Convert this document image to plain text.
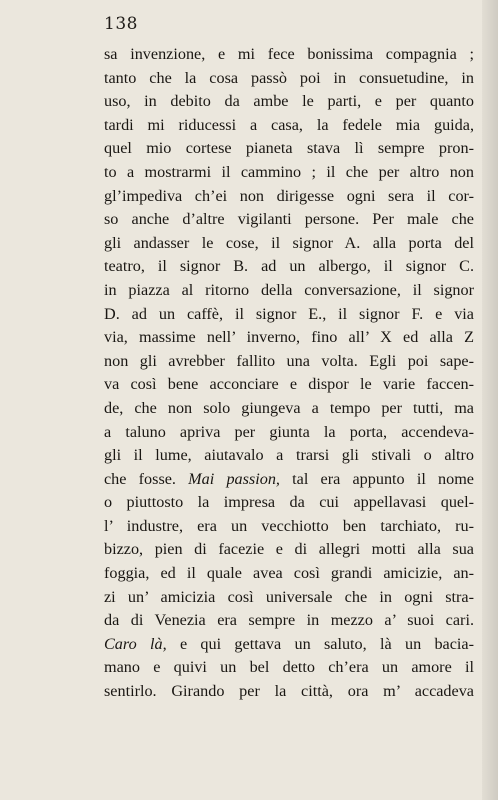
138
sa invenzione, e mi fece bonissima compagnia ;
tanto che la cosa passò poi in consuetudine, in
uso, in debito da ambe le parti, e per quanto
tardi mi riducessi a casa, la fedele mia guida,
quel mio cortese pianeta stava lì sempre pron-
to a mostrarmi il cammino ; il che per altro non
gl’impediva ch’ei non dirigesse ogni sera il cor-
so anche d’altre vigilanti persone. Per male che
gli andasser le cose, il signor A. alla porta del
teatro, il signor B. ad un albergo, il signor C.
in piazza al ritorno della conversazione, il signor
D. ad un caffè, il signor E., il signor F. e via
via, massime nell’ inverno, fino all’ X ed alla Z
non gli avrebber fallito una volta. Egli poi sape-
va così bene acconciare e dispor le varie faccen-
de, che non solo giungeva a tempo per tutti, ma
a taluno apriva per giunta la porta, accendeva-
gli il lume, aiutavalo a trarsi gli stivali o altro
che fosse. Mai passion, tal era appunto il nome
o piuttosto la impresa da cui appellavasi quel-
l’ industre, era un vecchiotto ben tarchiato, ru-
bizzo, pien di facezie e di allegri motti alla sua
foggia, ed il quale avea così grandi amicizie, an-
zi un’ amicizia così universale che in ogni stra-
da di Venezia era sempre in mezzo a’ suoi cari.
Caro là, e qui gettava un saluto, là un bacia-
mano e quivi un bel detto ch’era un amore il
sentirlo. Girando per la città, ora m’ accadeva
